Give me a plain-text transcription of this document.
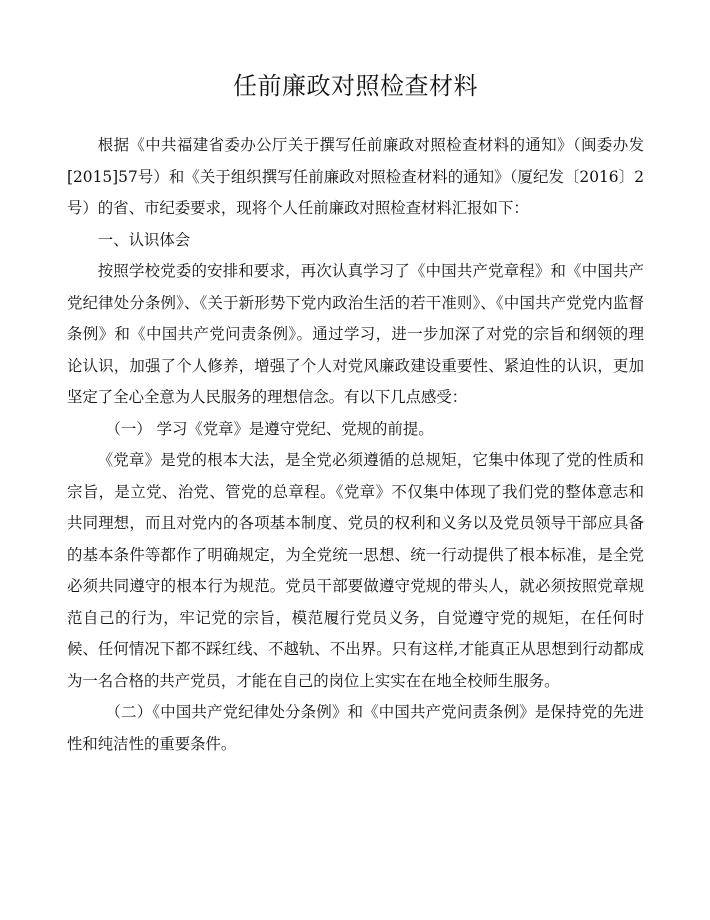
任前廉政对照检查材料

根据《中共福建省委办公厅关于撰写任前廉政对照检查材料的通知》（闽委办发[2015]57号）和《关于组织撰写任前廉政对照检查材料的通知》（厦纪发〔2016〕2号）的省、市纪委要求，现将个人任前廉政对照检查材料汇报如下：

一、认识体会

按照学校党委的安排和要求，再次认真学习了《中国共产党章程》和《中国共产党纪律处分条例》、《关于新形势下党内政治生活的若干准则》、《中国共产党党内监督条例》和《中国共产党问责条例》。通过学习，进一步加深了对党的宗旨和纲领的理论认识，加强了个人修养，增强了个人对党风廉政建设重要性、紧迫性的认识，更加坚定了全心全意为人民服务的理想信念。有以下几点感受：

（一） 学习《党章》是遵守党纪、党规的前提。

《党章》是党的根本大法，是全党必须遵循的总规矩，它集中体现了党的性质和宗旨，是立党、治党、管党的总章程。《党章》不仅集中体现了我们党的整体意志和共同理想，而且对党内的各项基本制度、党员的权利和义务以及党员领导干部应具备的基本条件等都作了明确规定，为全党统一思想、统一行动提供了根本标准，是全党必须共同遵守的根本行为规范。党员干部要做遵守党规的带头人，就必须按照党章规范自己的行为，牢记党的宗旨，模范履行党员义务，自觉遵守党的规矩，在任何时候、任何情况下都不踩红线、不越轨、不出界。只有这样,才能真正从思想到行动都成为一名合格的共产党员，才能在自己的岗位上实实在在地全校师生服务。

（二）《中国共产党纪律处分条例》和《中国共产党问责条例》是保持党的先进性和纯洁性的重要条件。
